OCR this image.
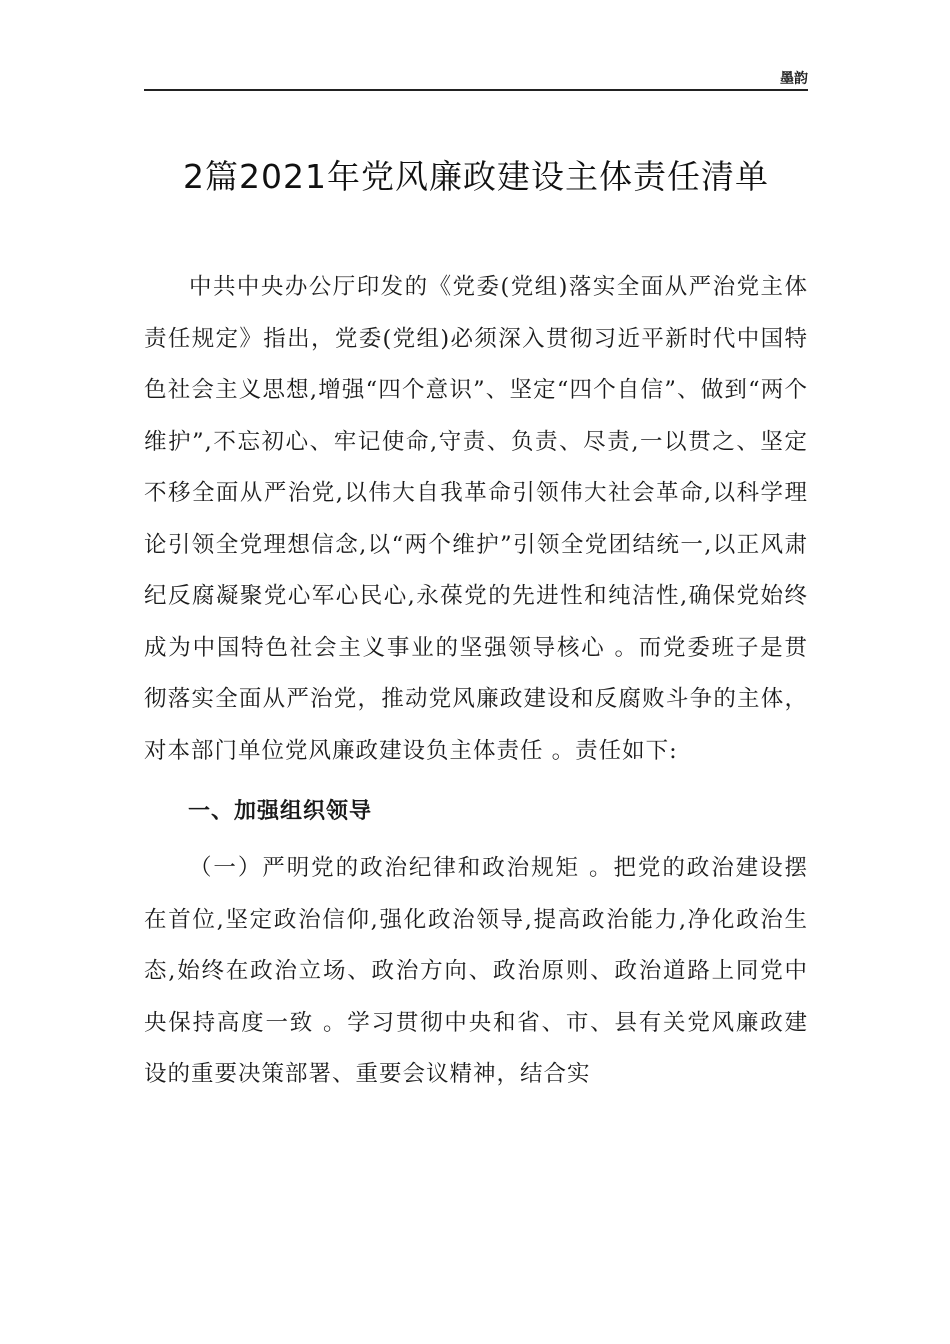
墨韵
2篇2021年党风廉政建设主体责任清单

中共中央办公厅印发的《党委(党组)落实全面从严治党主体责任规定》指出，党委(党组)必须深入贯彻习近平新时代中国特色社会主义思想,增强“四个意识”、坚定“四个自信”、做到“两个维护”,不忘初心、牢记使命,守责、负责、尽责,一以贯之、坚定不移全面从严治党,以伟大自我革命引领伟大社会革命,以科学理论引领全党理想信念,以“两个维护”引领全党团结统一,以正风肃纪反腐凝聚党心军心民心,永葆党的先进性和纯洁性,确保党始终成为中国特色社会主义事业的坚强领导核心 。而党委班子是贯彻落实全面从严治党，推动党风廉政建设和反腐败斗争的主体，对本部门单位党风廉政建设负主体责任 。责任如下:

一、加强组织领导

（一）严明党的政治纪律和政治规矩 。把党的政治建设摆在首位,坚定政治信仰,强化政治领导,提高政治能力,净化政治生态,始终在政治立场、政治方向、政治原则、政治道路上同党中央保持高度一致 。学习贯彻中央和省、市、县有关党风廉政建设的重要决策部署、重要会议精神，结合实
